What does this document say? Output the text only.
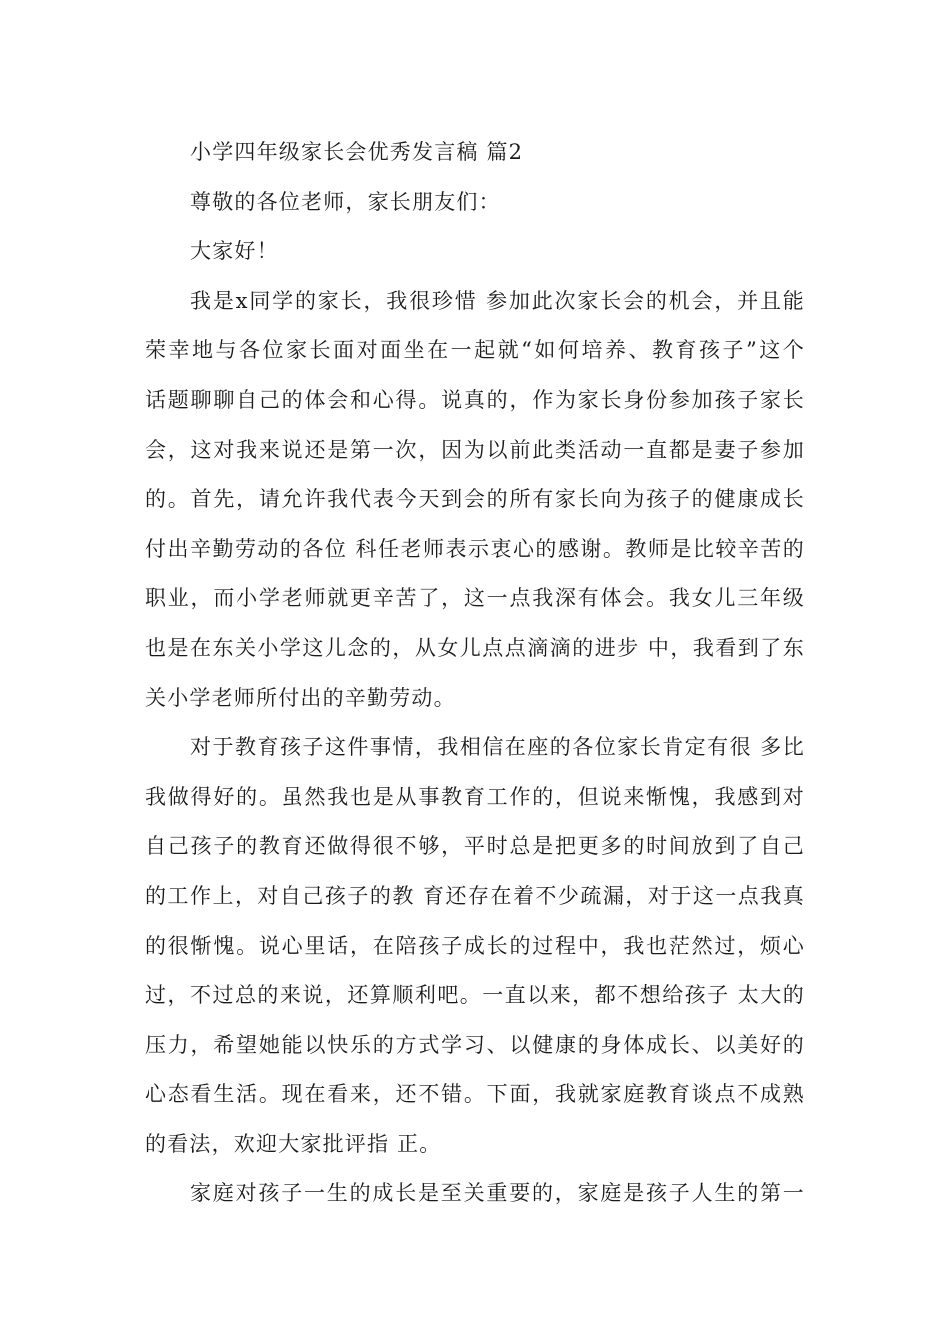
小学四年级家长会优秀发言稿 篇2
尊敬的各位老师，家长朋友们：
大家好！
我是x同学的家长，我很珍惜 参加此次家长会的机会，并且能
荣幸地与各位家长面对面坐在一起就“如何培养、教育孩子”这个
话题聊聊自己的体会和心得。说真的，作为家长身份参加孩子家长
会，这对我来说还是第一次，因为以前此类活动一直都是妻子参加
的。首先，请允许我代表今天到会的所有家长向为孩子的健康成长
付出辛勤劳动的各位 科任老师表示衷心的感谢。教师是比较辛苦的
职业，而小学老师就更辛苦了，这一点我深有体会。我女儿三年级
也是在东关小学这儿念的，从女儿点点滴滴的进步 中，我看到了东
关小学老师所付出的辛勤劳动。
对于教育孩子这件事情，我相信在座的各位家长肯定有很 多比
我做得好的。虽然我也是从事教育工作的，但说来惭愧，我感到对
自己孩子的教育还做得很不够，平时总是把更多的时间放到了自己
的工作上，对自己孩子的教 育还存在着不少疏漏，对于这一点我真
的很惭愧。说心里话，在陪孩子成长的过程中，我也茫然过，烦心
过，不过总的来说，还算顺利吧。一直以来，都不想给孩子 太大的
压力，希望她能以快乐的方式学习、以健康的身体成长、以美好的
心态看生活。现在看来，还不错。下面，我就家庭教育谈点不成熟
的看法，欢迎大家批评指 正。
家庭对孩子一生的成长是至关重要的，家庭是孩子人生的第一
